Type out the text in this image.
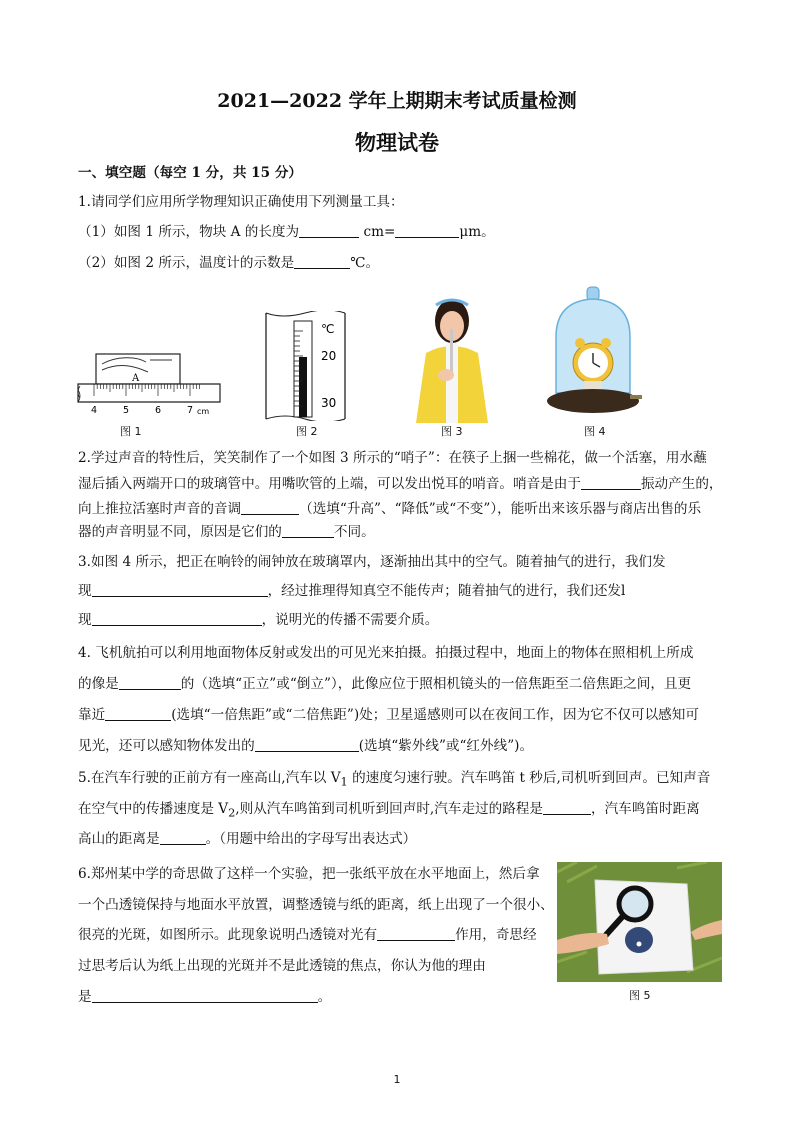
2021—2022 学年上期期末考试质量检测
物理试卷
一、填空题（每空 1 分，共 15 分）
1.请同学们应用所学物理知识正确使用下列测量工具：
（1）如图 1 所示，物块 A 的长度为	cm=	μm。
（2）如图 2 所示，温度计的示数是	℃。
A
4	5	6	7 cm
图 1
℃
20
30
图 2	图 3	图 4
2.学过声音的特性后，笑笑制作了一个如图 3 所示的“哨子”：在筷子上捆一些棉花，做一个活塞，用水蘸
湿后插入两端开口的玻璃管中。用嘴吹管的上端，可以发出悦耳的哨音。哨音是由于	振动产生的，
向上推拉活塞时声音的音调	（选填“升高”、“降低”或“不变”），能听出来该乐器与商店出售的乐
器的声音明显不同，原因是它们的	不同。
3.如图 4 所示，把正在响铃的闹钟放在玻璃罩内，逐渐抽出其中的空气。随着抽气的进行，我们发
现	，经过推理得知真空不能传声；随着抽气的进行，我们还发l
现	，说明光的传播不需要介质。
4. 飞机航拍可以利用地面物体反射或发出的可见光来拍摄。拍摄过程中，地面上的物体在照相机上所成
的像是	的（选填“正立”或“倒立”），此像应位于照相机镜头的一倍焦距至二倍焦距之间，且更
靠近	(选填“一倍焦距”或“二倍焦距”)处；卫星遥感则可以在夜间工作，因为它不仅可以感知可
见光，还可以感知物体发出的	(选填“紫外线”或“红外线”)。
5.在汽车行驶的正前方有一座高山,汽车以 $V_1$ 的速度匀速行驶。汽车鸣笛 t 秒后,司机听到回声。已知声音
在空气中的传播速度是 $V_2$,则从汽车鸣笛到司机听到回声时,汽车走过的路程是	，汽车鸣笛时距离
高山的距离是	。（用题中给出的字母写出表达式）
6.郑州某中学的奇思做了这样一个实验，把一张纸平放在水平地面上，然后拿
一个凸透镜保持与地面水平放置，调整透镜与纸的距离，纸上出现了一个很小、
很亮的光斑，如图所示。此现象说明凸透镜对光有	作用，奇思经
过思考后认为纸上出现的光斑并不是此透镜的焦点，你认为他的理由
是	。	图 5
1
